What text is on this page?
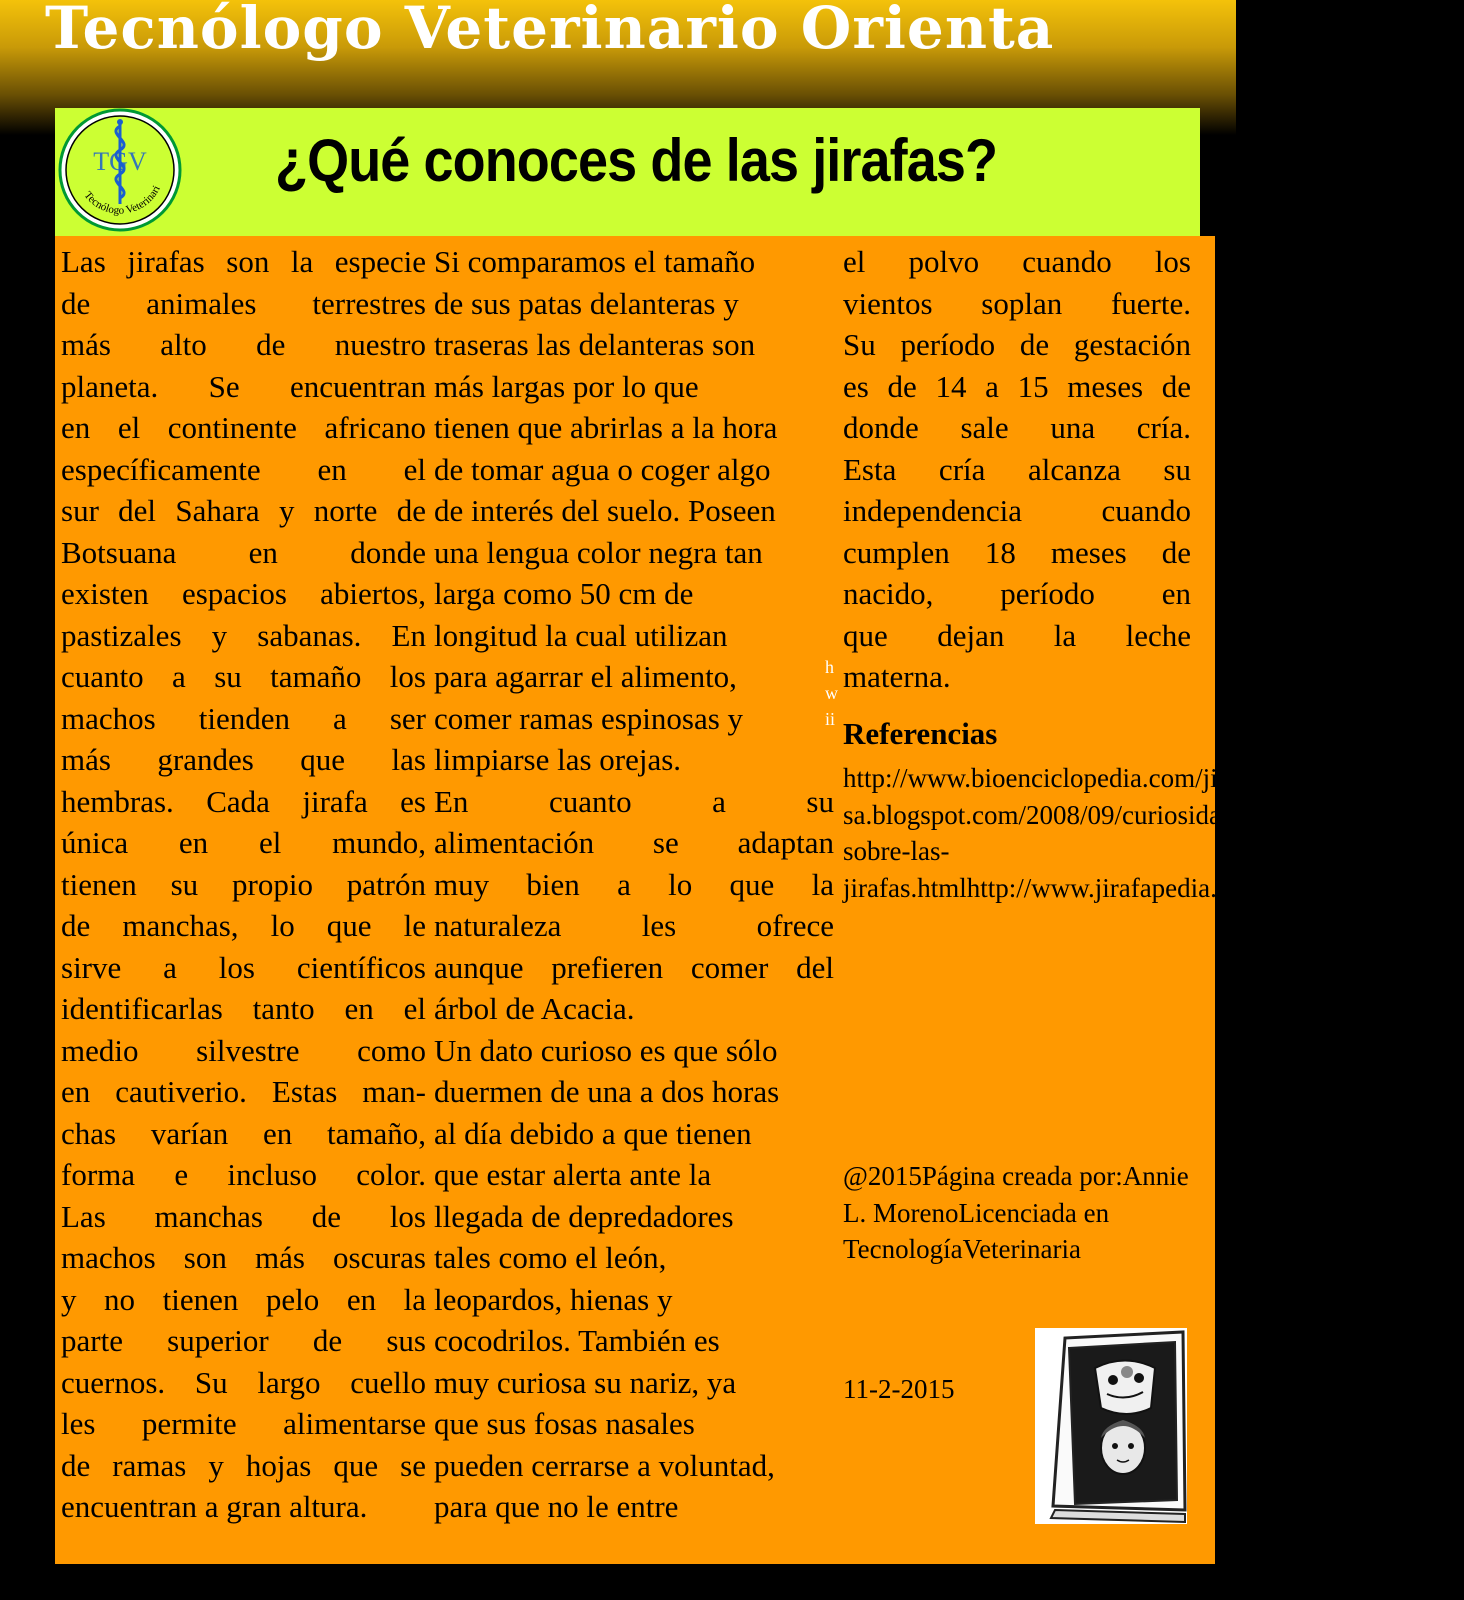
Tecnólogo Veterinario Orienta
TGV
Tecnólogo Veterinari ¿Qué conoces de las jirafas?
Las jirafas son la especie
de animales terrestres
más alto de nuestro
planeta. Se encuentran
en el continente africano
específicamente en el
sur del Sahara y norte de
Botsuana en donde
existen espacios abiertos,
pastizales y sabanas. En
cuanto a su tamaño los
machos tienden a ser
más grandes que las
hembras. Cada jirafa es
única en el mundo,
tienen su propio patrón
de manchas, lo que le
sirve a los científicos
identificarlas tanto en el
medio silvestre como
en cautiverio. Estas man-
chas varían en tamaño,
forma e incluso color.
Las manchas de los
machos son más oscuras
y no tienen pelo en la
parte superior de sus
cuernos. Su largo cuello
les permite alimentarse
de ramas y hojas que se
encuentran a gran altura.
Si comparamos el tamaño
de sus patas delanteras y
traseras las delanteras son
más largas por lo que
tienen que abrirlas a la hora
de tomar agua o coger algo
de interés del suelo. Poseen
una lengua color negra tan
larga como 50 cm de
longitud la cual utilizan
para agarrar el alimento,
comer ramas espinosas y
limpiarse las orejas.
En cuanto a su
alimentación se adaptan
muy bien a lo que la
naturaleza les ofrece
aunque prefieren comer del
árbol de Acacia.
Un dato curioso es que sólo
duermen de una a dos horas
al día debido a que tienen
que estar alerta ante la
llegada de depredadores
tales como el león,
leopardos, hienas y
cocodrilos. También es
muy curiosa su nariz, ya
que sus fosas nasales
pueden cerrarse a voluntad,
para que no le entre
el polvo cuando los
vientos soplan fuerte.
Su período de gestación
es de 14 a 15 meses de
donde sale una cría.
Esta cría alcanza su
independencia cuando
cumplen 18 meses de
nacido, período en
que dejan la leche
materna.
h w ii Referencias
http://www.bioenciclopedia.com/jirafa/http://naturacurio-sa.blogspot.com/2008/09/curiosidades-sobre-las-jirafas.htmlhttp://www.jirafapedia.com/
@2015Página creada por:Annie L. MorenoLicenciada en TecnologíaVeterinaria
11-2-2015
